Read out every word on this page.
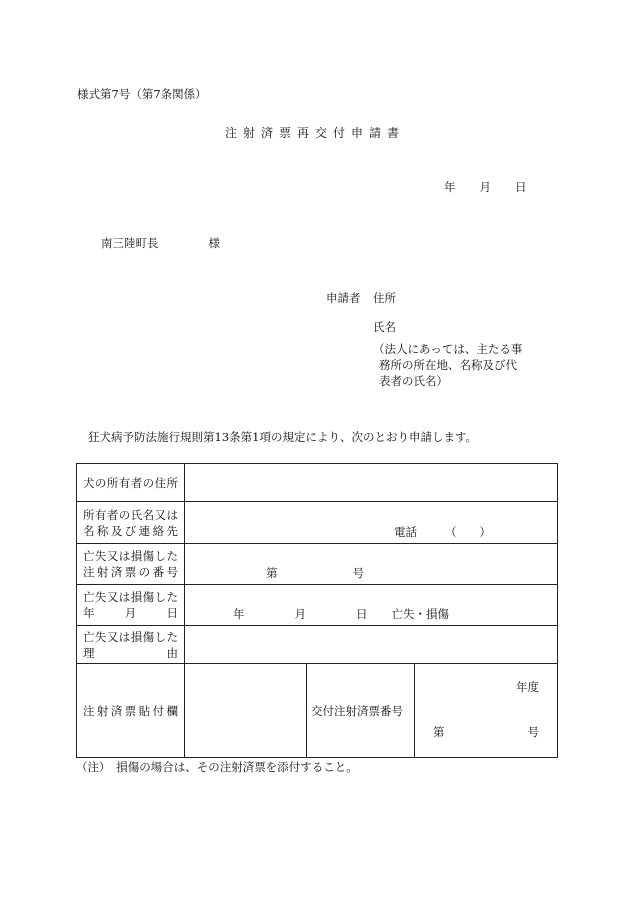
様式第7号（第7条関係）
注射済票再交付申請書
年 月 日
南三陸町長	様
申請者 住所
氏名
（法人にあっては、主たる事
務所の所在地、名称及び代
表者の氏名）
狂犬病予防法施行規則第13条第1項の規定により、次のとおり申請します。
犬の所有者の住所			

所有者の氏名又は
名称及び連絡先	電話 （　　）		

亡失又は損傷した
注射済票の番号	第 号		

亡失又は損傷した
年　月　日	年 月 日 亡失・損傷		

亡失又は損傷した
理　由			

注射済票貼付欄		交付注射済票番号	年度
第 号
（注）　損傷の場合は、その注射済票を添付すること。
